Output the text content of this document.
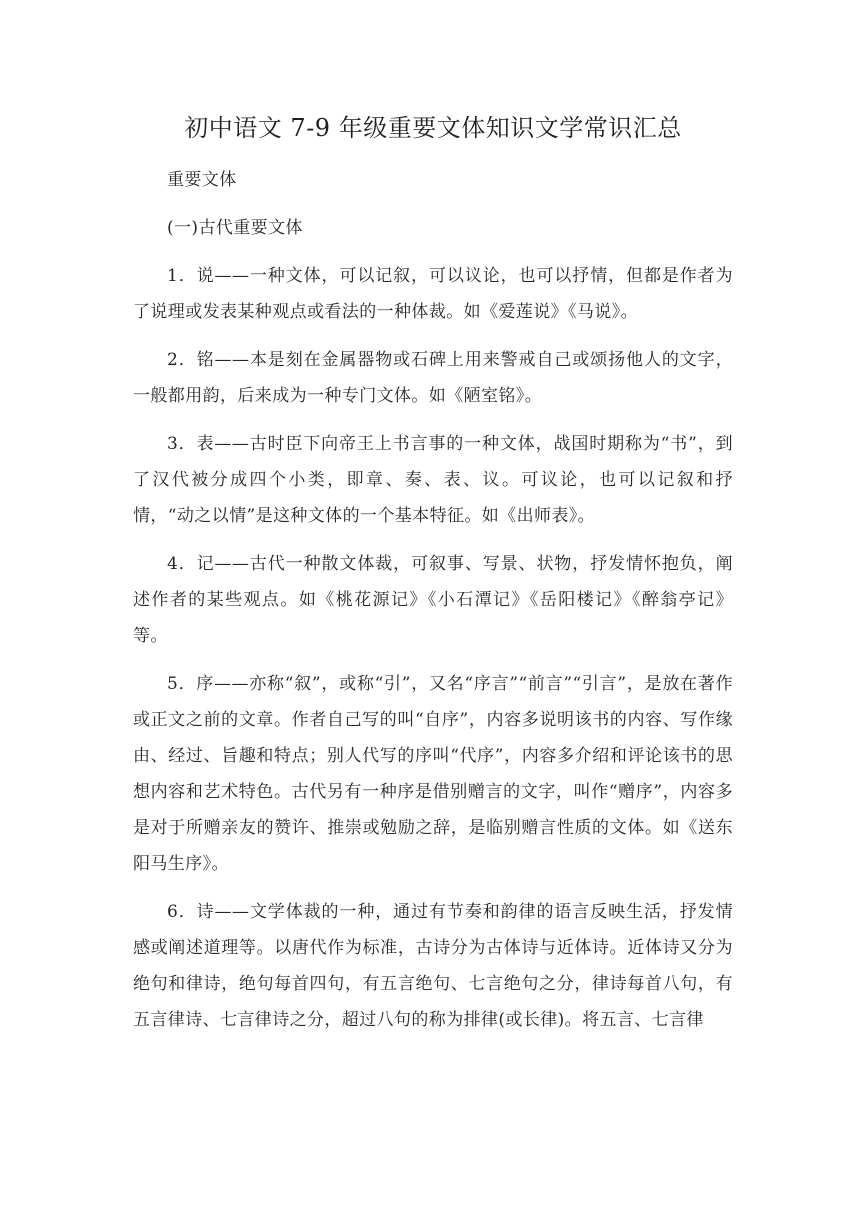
初中语文 7-9 年级重要文体知识文学常识汇总

重要文体

(一)古代重要文体

1．说——一种文体，可以记叙，可以议论，也可以抒情，但都是作者为了说理或发表某种观点或看法的一种体裁。如《爱莲说》《马说》。

2．铭——本是刻在金属器物或石碑上用来警戒自己或颂扬他人的文字，一般都用韵，后来成为一种专门文体。如《陋室铭》。

3．表——古时臣下向帝王上书言事的一种文体，战国时期称为“书”，到了汉代被分成四个小类，即章、奏、表、议。可议论，也可以记叙和抒情，“动之以情”是这种文体的一个基本特征。如《出师表》。

4．记——古代一种散文体裁，可叙事、写景、状物，抒发情怀抱负，阐述作者的某些观点。如《桃花源记》《小石潭记》《岳阳楼记》《醉翁亭记》等。

5．序——亦称“叙”，或称“引”，又名“序言”“前言”“引言”，是放在著作或正文之前的文章。作者自己写的叫“自序”，内容多说明该书的内容、写作缘由、经过、旨趣和特点；别人代写的序叫“代序”，内容多介绍和评论该书的思想内容和艺术特色。古代另有一种序是借别赠言的文字，叫作“赠序”，内容多是对于所赠亲友的赞许、推崇或勉励之辞，是临别赠言性质的文体。如《送东阳马生序》。

6．诗——文学体裁的一种，通过有节奏和韵律的语言反映生活，抒发情感或阐述道理等。以唐代作为标准，古诗分为古体诗与近体诗。近体诗又分为绝句和律诗，绝句每首四句，有五言绝句、七言绝句之分，律诗每首八句，有五言律诗、七言律诗之分，超过八句的称为排律(或长律)。将五言、七言律
